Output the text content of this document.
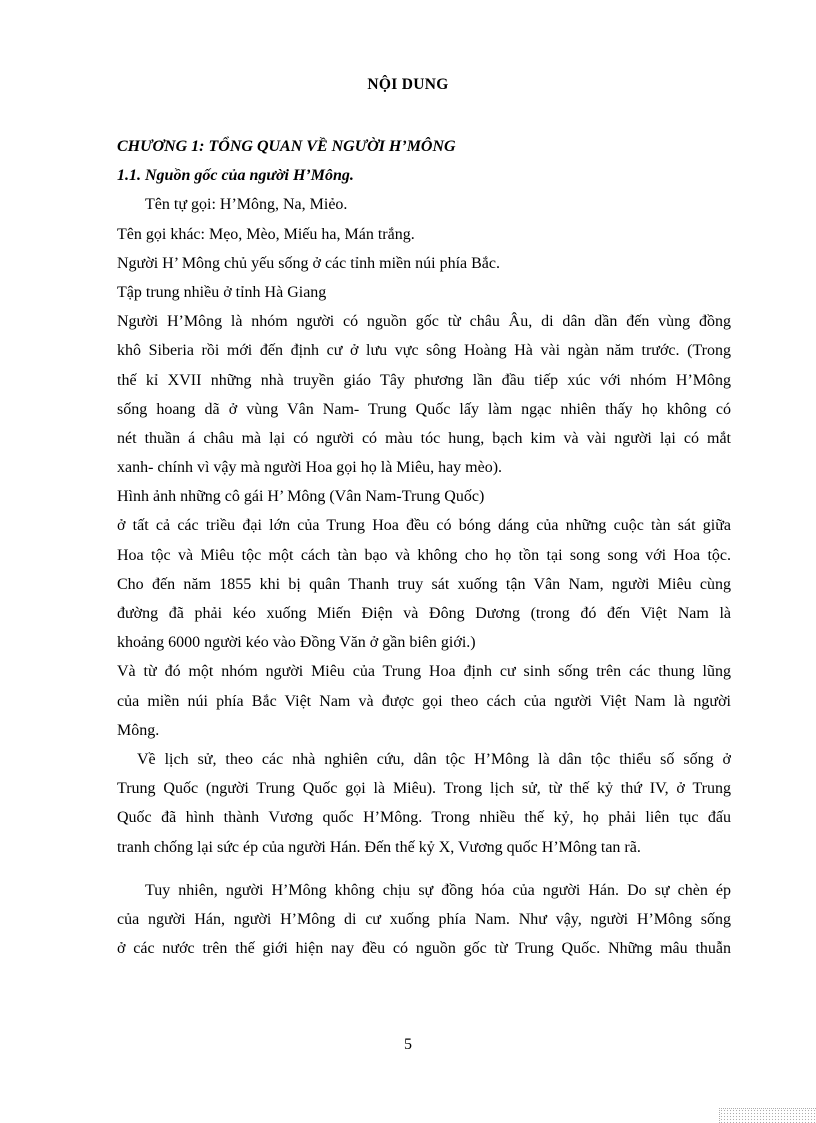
NỘI DUNG
CHƯƠNG 1: TỔNG QUAN VỀ NGƯỜI H’MÔNG
1.1. Nguồn gốc của người H’Mông.
Tên tự gọi: H’Mông, Na, Miẻo.
Tên gọi khác: Mẹo, Mèo, Miếu ha, Mán trắng.
Người H’ Mông chủ yếu sống ở các tỉnh miền núi phía Bắc.
Tập trung nhiều ở tỉnh Hà Giang
Người H’Mông là nhóm người có nguồn gốc từ châu Âu, di dân dần đến vùng đồng
khô Siberia rồi mới đến định cư ở lưu vực sông Hoàng Hà vài ngàn năm trước. (Trong
thế kỉ XVII những nhà truyền giáo Tây phương lần đầu tiếp xúc với nhóm H’Mông
sống hoang dã ở vùng Vân Nam- Trung Quốc lấy làm ngạc nhiên thấy họ không có
nét thuần á châu mà lại có người có màu tóc hung, bạch kim và vài người lại có mắt
xanh- chính vì vậy mà người Hoa gọi họ là Miêu, hay mèo).
Hình ảnh những cô gái H’ Mông (Vân Nam-Trung Quốc)
ở tất cả các triều đại lớn của Trung Hoa đều có bóng dáng của những cuộc tàn sát giữa
Hoa tộc và Miêu tộc một cách tàn bạo và không cho họ tồn tại song song với Hoa tộc.
Cho đến năm 1855 khi bị quân Thanh truy sát xuống tận Vân Nam, người Miêu cùng
đường đã phải kéo xuống Miến Điện và Đông Dương (trong đó đến Việt Nam là
khoảng 6000 người kéo vào Đồng Văn ở gần biên giới.)
Và từ đó một nhóm người Miêu của Trung Hoa định cư sinh sống trên các thung lũng
của miền núi phía Bắc Việt Nam và được gọi theo cách của người Việt Nam là người
Mông.
Về lịch sử, theo các nhà nghiên cứu, dân tộc H’Mông là dân tộc thiểu số sống ở
Trung Quốc (người Trung Quốc gọi là Miêu). Trong lịch sử, từ thế kỷ thứ IV, ở Trung
Quốc đã hình thành Vương quốc H’Mông. Trong nhiều thế kỷ, họ phải liên tục đấu
tranh chống lại sức ép của người Hán. Đến thế kỷ X, Vương quốc H’Mông tan rã.
Tuy nhiên, người H’Mông không chịu sự đồng hóa của người Hán. Do sự chèn ép
của người Hán, người H’Mông di cư xuống phía Nam. Như vậy, người H’Mông sống
ở các nước trên thế giới hiện nay đều có nguồn gốc từ Trung Quốc. Những mâu thuẫn
5
